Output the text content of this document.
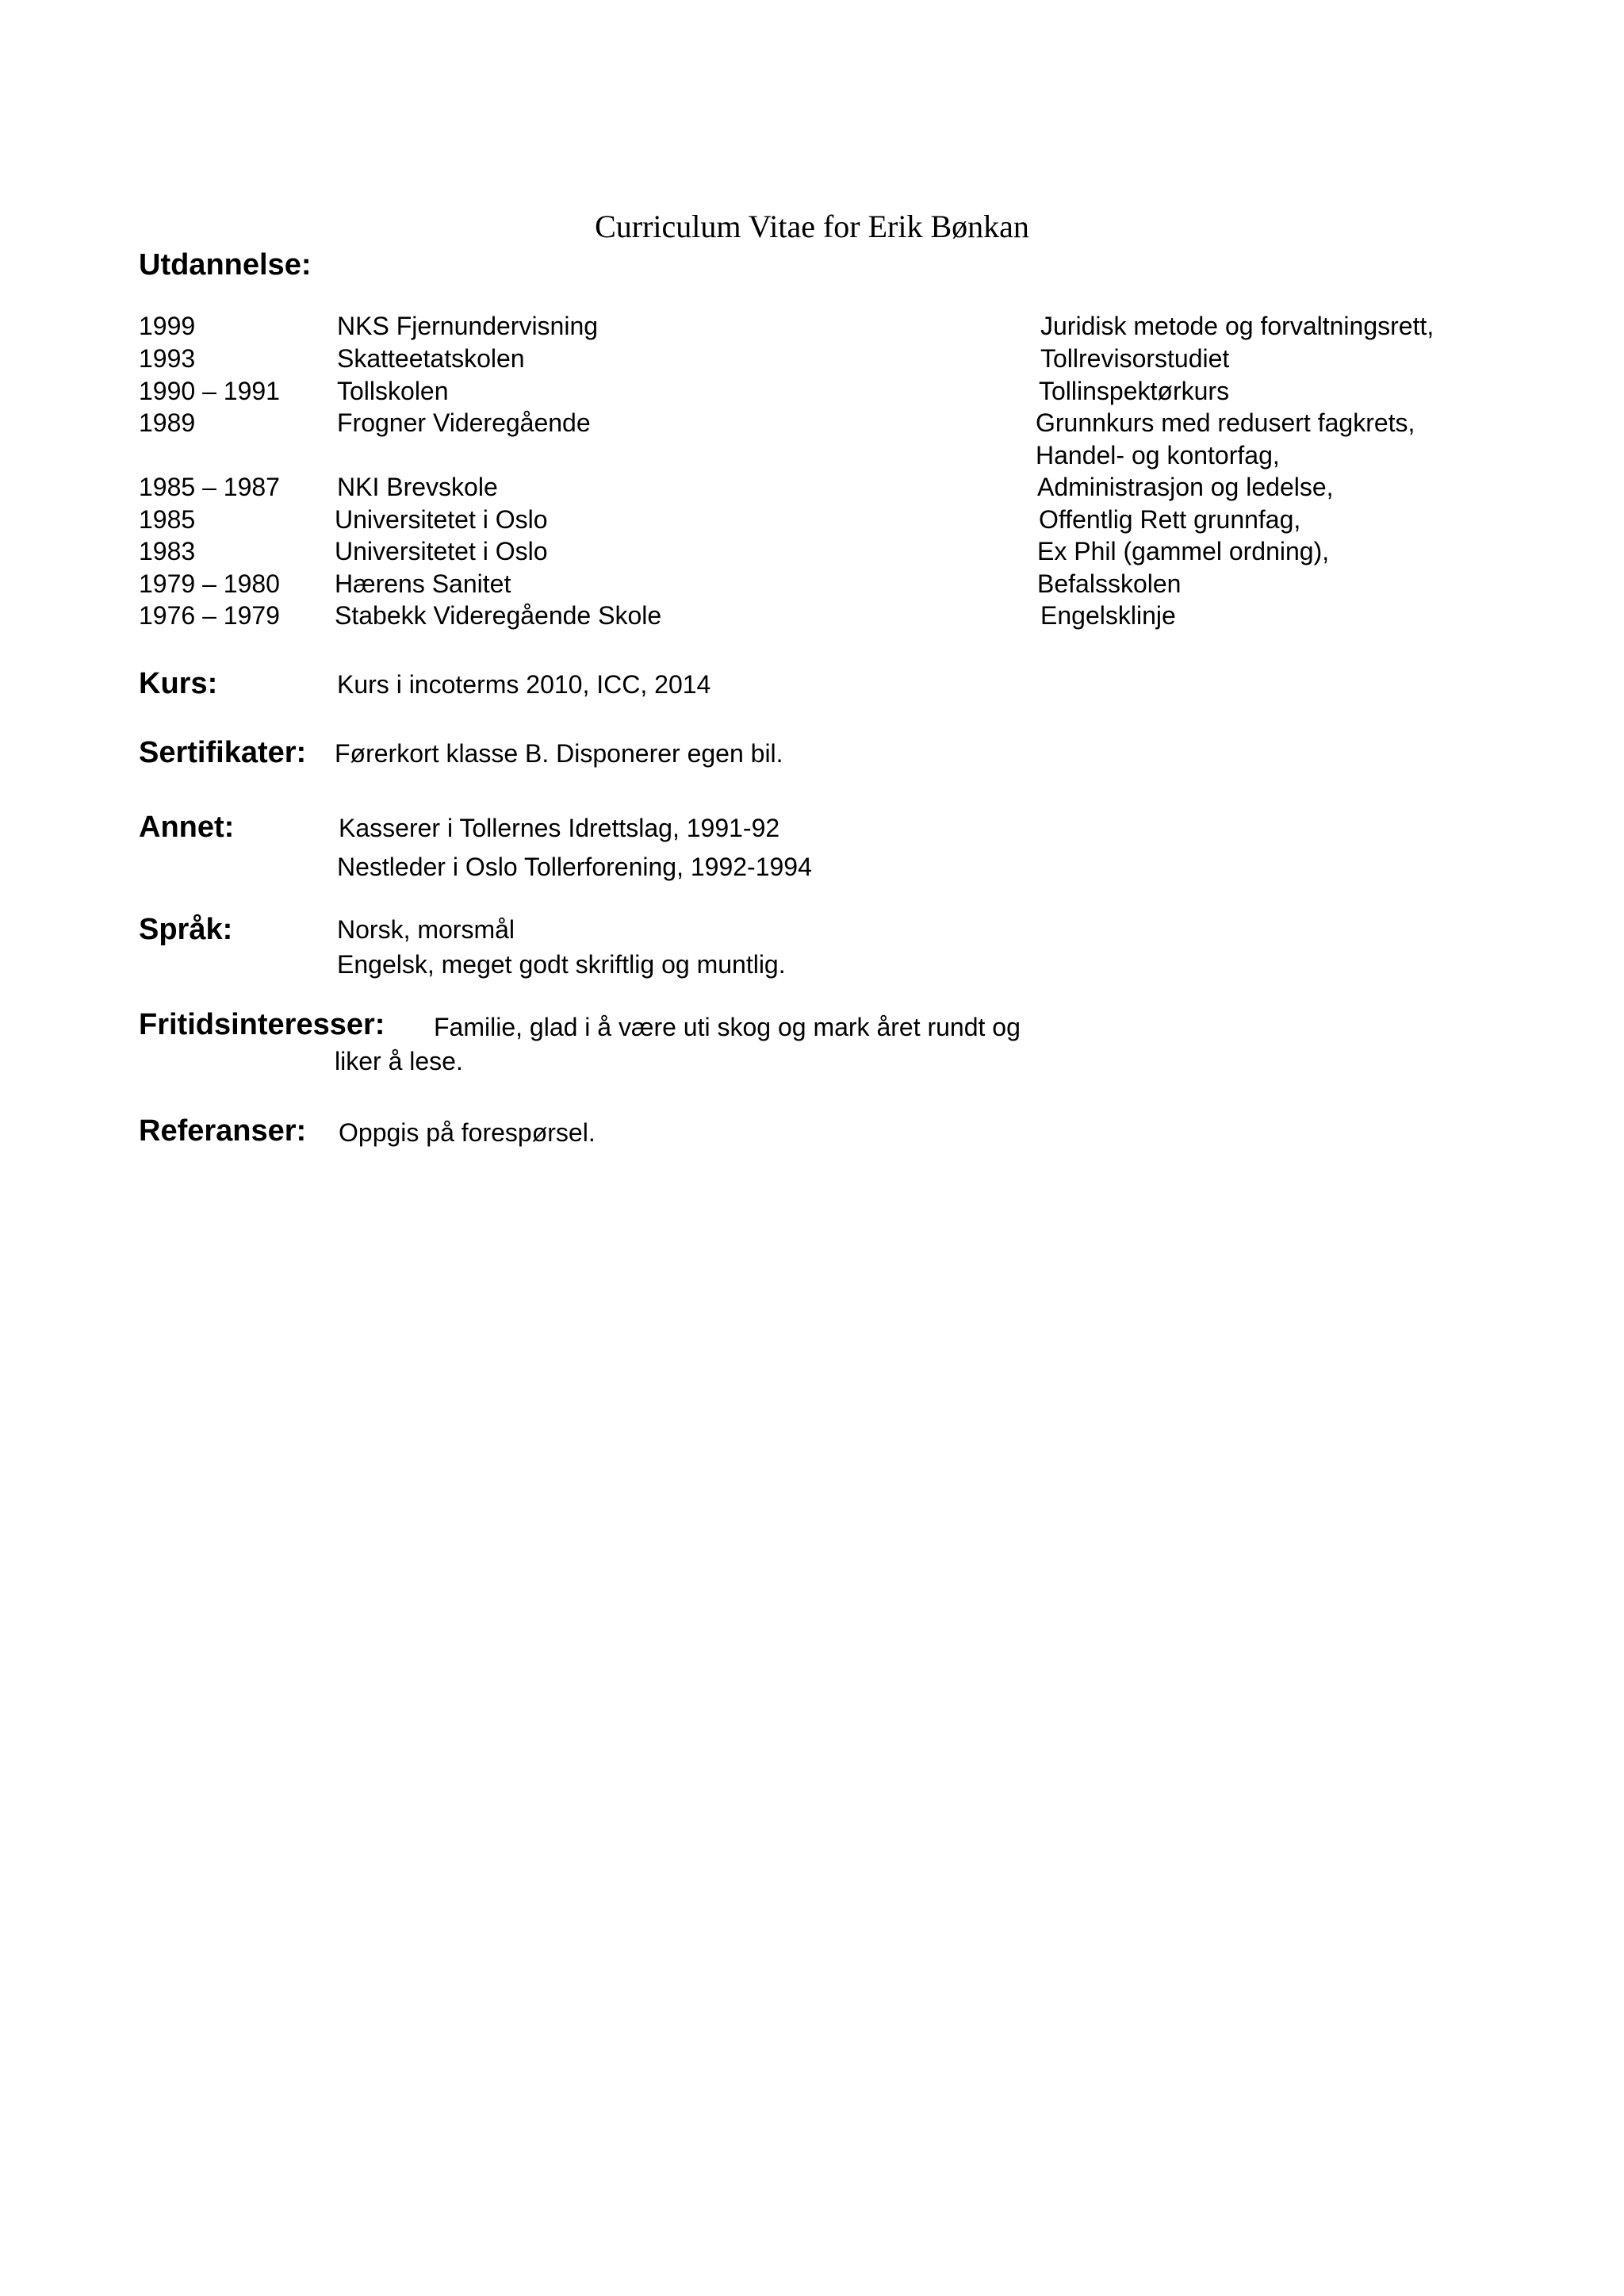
Curriculum Vitae for Erik Bønkan
Utdannelse:
1999	NKS Fjernundervisning	Juridisk metode og forvaltningsrett,
1993	Skatteetatskolen	Tollrevisorstudiet
1990 – 1991 Tollskolen	Tollinspektørkurs
1989	Frogner Videregående	Grunnkurs med redusert fagkrets,
Handel- og kontorfag,
1985 – 1987 NKI Brevskole	Administrasjon og ledelse,
1985	Universitetet i Oslo	Offentlig Rett grunnfag,
1983	Universitetet i Oslo	Ex Phil (gammel ordning),
1979 – 1980 Hærens Sanitet	Befalsskolen
1976 – 1979 Stabekk Videregående Skole	Engelsklinje
Kurs:	Kurs i incoterms 2010, ICC, 2014
Sertifikater: Førerkort klasse B. Disponerer egen bil.
Annet:	Kasserer i Tollernes Idrettslag, 1991-92
Nestleder i Oslo Tollerforening, 1992-1994
Språk:	Norsk, morsmål
Engelsk, meget godt skriftlig og muntlig.
Fritidsinteresser: Familie, glad i å være uti skog og mark året rundt og
liker å lese.
Referanser: Oppgis på forespørsel.
